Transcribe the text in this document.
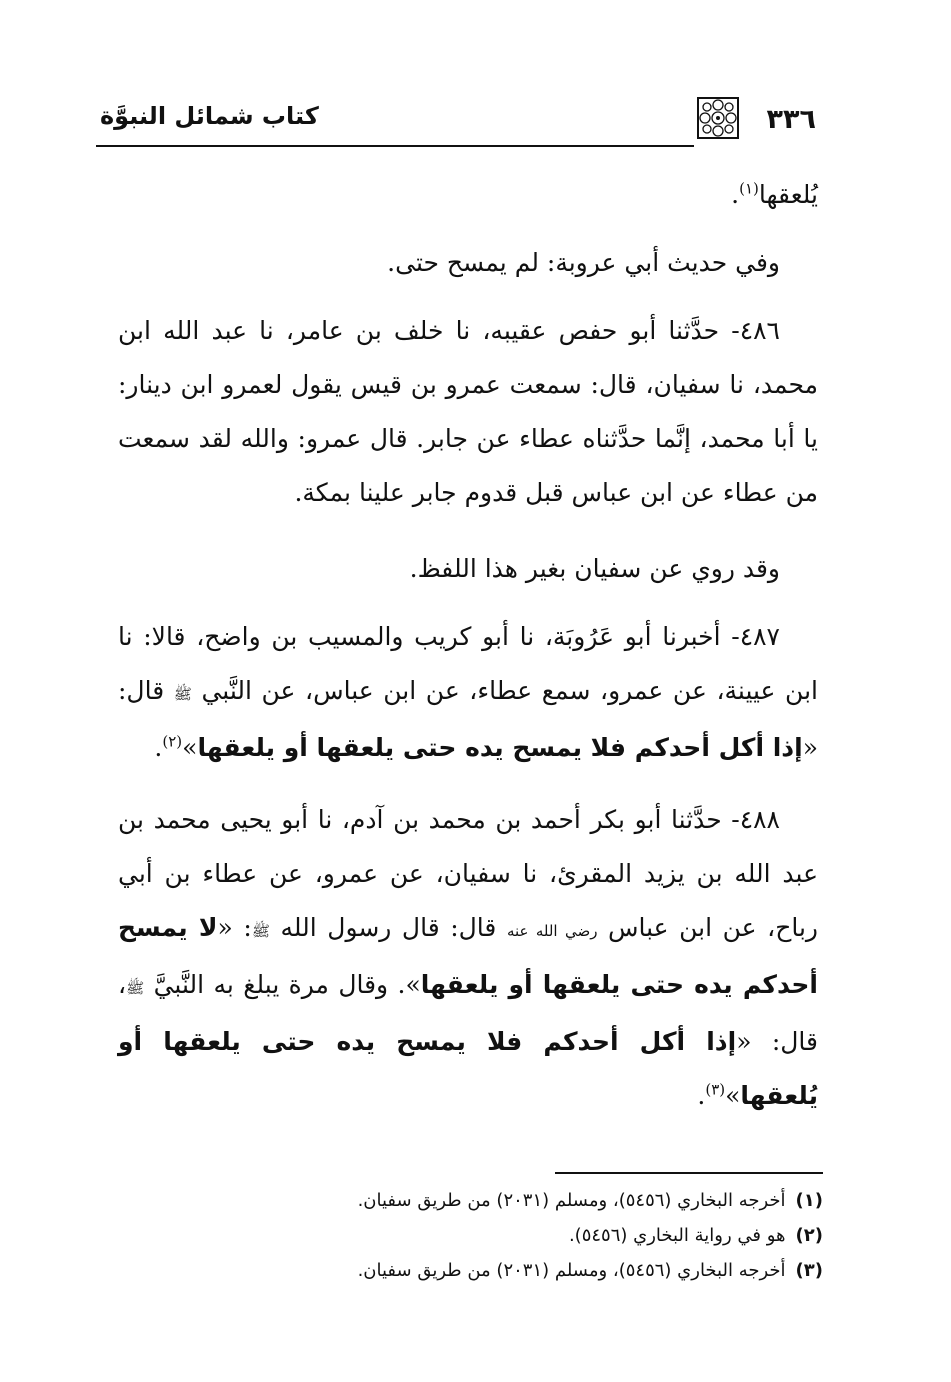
٣٣٦
كتاب شمائل النبوَّة

يُلعقها$^{(١)}$.

وفي حديث أبي عروبة: لم يمسح حتى.

٤٨٦- حدَّثنا أبو حفص عقيبه، نا خلف بن عامر، نا عبد الله ابن محمد، نا سفيان، قال: سمعت عمرو بن قيس يقول لعمرو ابن دينار: يا أبا محمد، إنَّما حدَّثناه عطاء عن جابر. قال عمرو: والله لقد سمعت من عطاء عن ابن عباس قبل قدوم جابر علينا بمكة.

وقد روي عن سفيان بغير هذا اللفظ.

٤٨٧- أخبرنا أبو عَرُوبَة، نا أبو كريب والمسيب بن واضح، قالا: نا ابن عيينة، عن عمرو، سمع عطاء، عن ابن عباس، عن النَّبي ﷺ قال: «إذا أكل أحدكم فلا يمسح يده حتى يلعقها أو يلعقها»$^{(٢)}$.

٤٨٨- حدَّثنا أبو بكر أحمد بن محمد بن آدم، نا أبو يحيى محمد بن عبد الله بن يزيد المقرئ، نا سفيان، عن عمرو، عن عطاء بن أبي رباح، عن ابن عباس رضي الله عنه قال: قال رسول الله ﷺ: «لا يمسح أحدكم يده حتى يلعقها أو يلعقها». وقال مرة يبلغ به النَّبيَّ ﷺ، قال: «إذا أكل أحدكم فلا يمسح يده حتى يلعقها أو يُلعقها»$^{(٣)}$.

(١)أخرجه البخاري (٥٤٥٦)، ومسلم (٢٠٣١) من طريق سفيان.

(٢)هو في رواية البخاري (٥٤٥٦).

(٣)أخرجه البخاري (٥٤٥٦)، ومسلم (٢٠٣١) من طريق سفيان.
